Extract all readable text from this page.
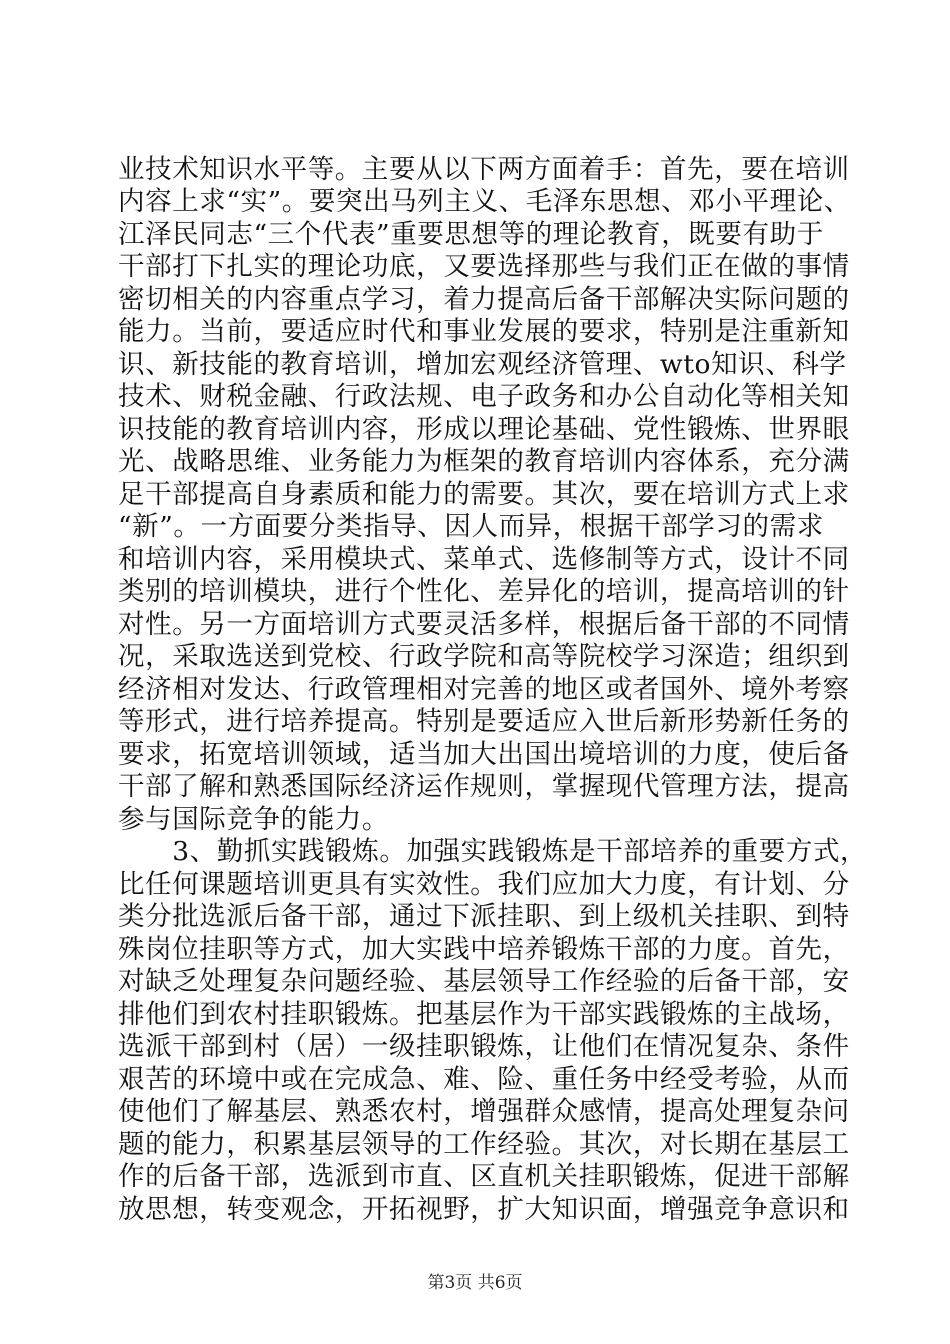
业技术知识水平等。主要从以下两方面着手：首先，要在培训
内容上求“实”。要突出马列主义、毛泽东思想、邓小平理论、
江泽民同志“三个代表”重要思想等的理论教育，既要有助于
干部打下扎实的理论功底，又要选择那些与我们正在做的事情
密切相关的内容重点学习，着力提高后备干部解决实际问题的
能力。当前，要适应时代和事业发展的要求，特别是注重新知
识、新技能的教育培训，增加宏观经济管理、wto知识、科学
技术、财税金融、行政法规、电子政务和办公自动化等相关知
识技能的教育培训内容，形成以理论基础、党性锻炼、世界眼
光、战略思维、业务能力为框架的教育培训内容体系，充分满
足干部提高自身素质和能力的需要。其次，要在培训方式上求
“新”。一方面要分类指导、因人而异，根据干部学习的需求
和培训内容，采用模块式、菜单式、选修制等方式，设计不同
类别的培训模块，进行个性化、差异化的培训，提高培训的针
对性。另一方面培训方式要灵活多样，根据后备干部的不同情
况，采取选送到党校、行政学院和高等院校学习深造；组织到
经济相对发达、行政管理相对完善的地区或者国外、境外考察
等形式，进行培养提高。特别是要适应入世后新形势新任务的
要求，拓宽培训领域，适当加大出国出境培训的力度，使后备
干部了解和熟悉国际经济运作规则，掌握现代管理方法，提高
参与国际竞争的能力。
　　3、勤抓实践锻炼。加强实践锻炼是干部培养的重要方式，
比任何课题培训更具有实效性。我们应加大力度，有计划、分
类分批选派后备干部，通过下派挂职、到上级机关挂职、到特
殊岗位挂职等方式，加大实践中培养锻炼干部的力度。首先，
对缺乏处理复杂问题经验、基层领导工作经验的后备干部，安
排他们到农村挂职锻炼。把基层作为干部实践锻炼的主战场，
选派干部到村（居）一级挂职锻炼，让他们在情况复杂、条件
艰苦的环境中或在完成急、难、险、重任务中经受考验，从而
使他们了解基层、熟悉农村，增强群众感情，提高处理复杂问
题的能力，积累基层领导的工作经验。其次，对长期在基层工
作的后备干部，选派到市直、区直机关挂职锻炼，促进干部解
放思想，转变观念，开拓视野，扩大知识面，增强竞争意识和
第3页 共6页
